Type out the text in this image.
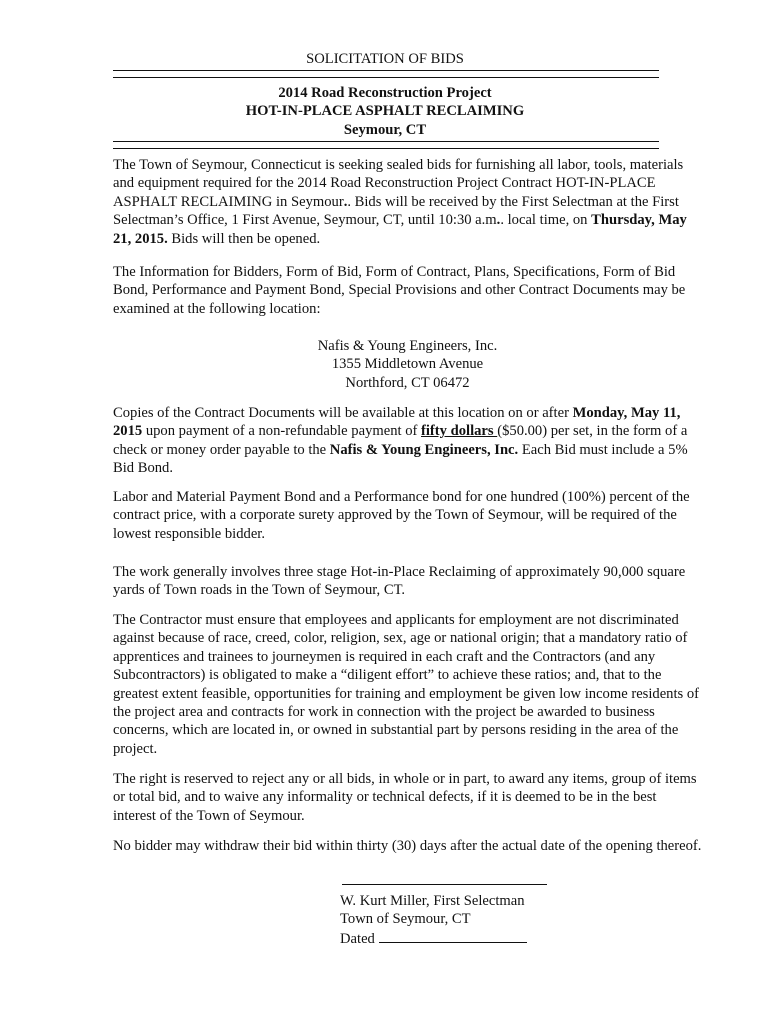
SOLICITATION OF BIDS
2014 Road Reconstruction Project
HOT-IN-PLACE ASPHALT RECLAIMING
Seymour, CT

The Town of Seymour, Connecticut is seeking sealed bids for furnishing all labor, tools, materials and equipment required for the 2014 Road Reconstruction Project Contract HOT-IN-PLACE ASPHALT RECLAIMING in Seymour.. Bids will be received by the First Selectman at the First Selectman’s Office, 1 First Avenue, Seymour, CT, until 10:30 a.m.. local time, on Thursday, May 21, 2015. Bids will then be opened.

The Information for Bidders, Form of Bid, Form of Contract, Plans, Specifications, Form of Bid Bond, Performance and Payment Bond, Special Provisions and other Contract Documents may be examined at the following location:

Nafis & Young Engineers, Inc.
1355 Middletown Avenue
Northford, CT 06472

Copies of the Contract Documents will be available at this location on or after Monday, May 11, 2015 upon payment of a non-refundable payment of fifty dollars ($50.00) per set, in the form of a check or money order payable to the Nafis & Young Engineers, Inc. Each Bid must include a 5% Bid Bond.

Labor and Material Payment Bond and a Performance bond for one hundred (100%) percent of the contract price, with a corporate surety approved by the Town of Seymour, will be required of the lowest responsible bidder.

The work generally involves three stage Hot-in-Place Reclaiming of approximately 90,000 square yards of Town roads in the Town of Seymour, CT.

The Contractor must ensure that employees and applicants for employment are not discriminated against because of race, creed, color, religion, sex, age or national origin; that a mandatory ratio of apprentices and trainees to journeymen is required in each craft and the Contractors (and any Subcontractors) is obligated to make a “diligent effort” to achieve these ratios; and, that to the greatest extent feasible, opportunities for training and employment be given low income residents of the project area and contracts for work in connection with the project be awarded to business concerns, which are located in, or owned in substantial part by persons residing in the area of the project.

The right is reserved to reject any or all bids, in whole or in part, to award any items, group of items or total bid, and to waive any informality or technical defects, if it is deemed to be in the best interest of the Town of Seymour.

No bidder may withdraw their bid within thirty (30) days after the actual date of the opening thereof.

W. Kurt Miller, First Selectman
Town of Seymour, CT
Dated
